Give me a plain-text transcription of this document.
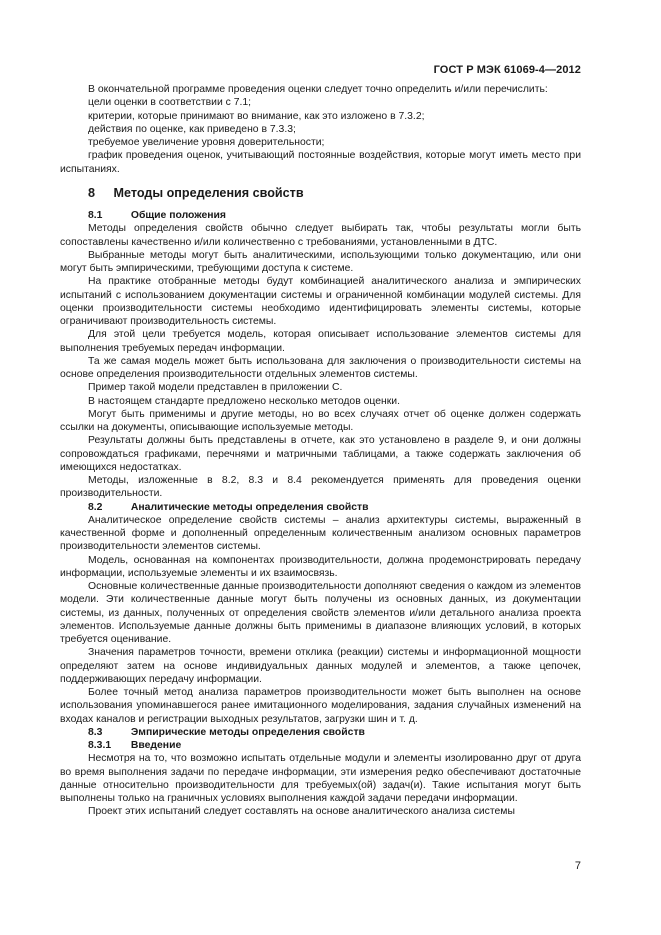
ГОСТ Р МЭК 61069-4—2012

В окончательной программе проведения оценки следует точно определить и/или перечислить:

цели оценки в соответствии с 7.1;

критерии, которые принимают во внимание, как это изложено в 7.3.2;

действия по оценке, как приведено в 7.3.3;

требуемое увеличение уровня доверительности;

график проведения оценок, учитывающий постоянные воздействия, которые могут иметь место при испытаниях.

8 Методы определения свойств
8.1	Общие положения

Методы определения свойств обычно следует выбирать так, чтобы результаты могли быть сопоставлены качественно и/или количественно с требованиями, установленными в ДТС.

Выбранные методы могут быть аналитическими, использующими только документацию, или они могут быть эмпирическими, требующими доступа к системе.

На практике отобранные методы будут комбинацией аналитического анализа и эмпирических испытаний с использованием документации системы и ограниченной комбинации модулей системы. Для оценки производительности системы необходимо идентифицировать элементы системы, которые ограничивают производительность системы.

Для этой цели требуется модель, которая описывает использование элементов системы для выполнения требуемых передач информации.

Та же самая модель может быть использована для заключения о производительности системы на основе определения производительности отдельных элементов системы.

Пример такой модели представлен в приложении С.

В настоящем стандарте предложено несколько методов оценки.

Могут быть применимы и другие методы, но во всех случаях отчет об оценке должен содержать ссылки на документы, описывающие используемые методы.

Результаты должны быть представлены в отчете, как это установлено в разделе 9, и они должны сопровождаться графиками, перечнями и матричными таблицами, а также содержать заключения об имеющихся недостатках.

Методы, изложенные в 8.2, 8.3 и 8.4 рекомендуется применять для проведения оценки производительности.

8.2	Аналитические методы определения свойств

Аналитическое определение свойств системы – анализ архитектуры системы, выраженный в качественной форме и дополненный определенным количественным анализом основных параметров производительности элементов системы.

Модель, основанная на компонентах производительности, должна продемонстрировать передачу информации, используемые элементы и их взаимосвязь.

Основные количественные данные производительности дополняют сведения о каждом из элементов модели. Эти количественные данные могут быть получены из основных данных, из документации системы, из данных, полученных от определения свойств элементов и/или детального анализа проекта элементов. Используемые данные должны быть применимы в диапазоне влияющих условий, в которых требуется оценивание.

Значения параметров точности, времени отклика (реакции) системы и информационной мощности определяют затем на основе индивидуальных данных модулей и элементов, а также цепочек, поддерживающих передачу информации.

Более точный метод анализа параметров производительности может быть выполнен на основе использования упоминавшегося ранее имитационного моделирования, задания случайных изменений на входах каналов и регистрации выходных результатов, загрузки шин и т. д.

8.3	Эмпирические методы определения свойств
8.3.1 Введение

Несмотря на то, что возможно испытать отдельные модули и элементы изолированно друг от друга во время выполнения задачи по передаче информации, эти измерения редко обеспечивают достаточные данные относительно производительности для требуемых(ой) задач(и). Такие испытания могут быть выполнены только на граничных условиях выполнения каждой задачи передачи информации.

Проект этих испытаний следует составлять на основе аналитического анализа системы

7
